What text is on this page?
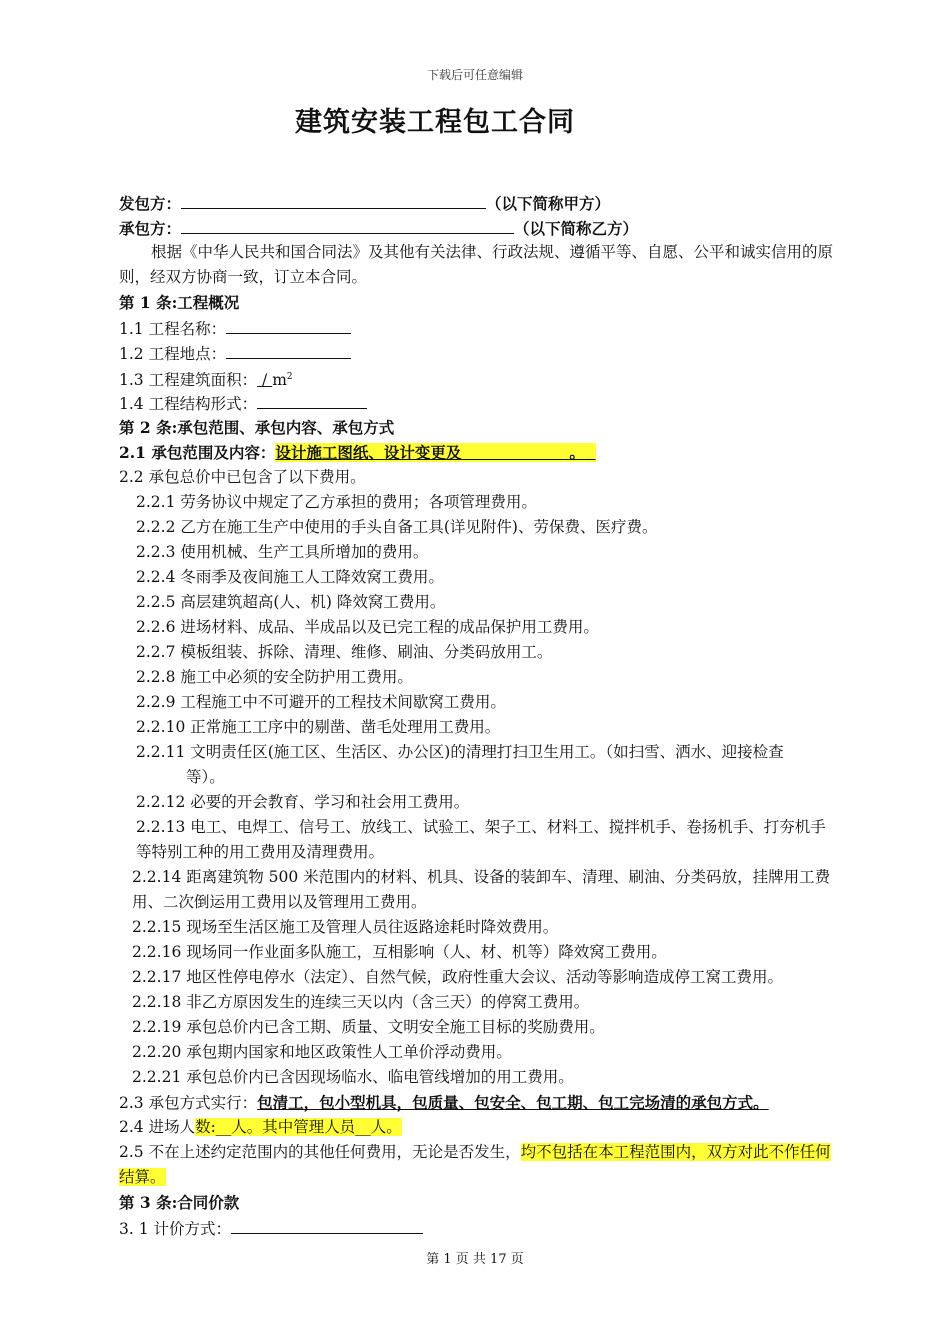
下载后可任意编辑
建筑安装工程包工合同
发包方：	（以下简称甲方）
承包方：	（以下简称乙方）
根据《中华人民共和国合同法》及其他有关法律、行政法规、遵循平等、自愿、公平和诚实信用的原则，经双方协商一致，订立本合同。
第 1 条:工程概况
1.1 工程名称：
1.2 工程地点：
1.3 工程建筑面积： / $m^2$
1.4 工程结构形式：
第 2 条:承包范围、承包内容、承包方式
2.1 承包范围及内容：设计施工图纸、设计变更及	。
2.2 承包总价中已包含了以下费用。
2.2.1 劳务协议中规定了乙方承担的费用；各项管理费用。
2.2.2 乙方在施工生产中使用的手头自备工具(详见附件)、劳保费、医疗费。
2.2.3 使用机械、生产工具所增加的费用。
2.2.4 冬雨季及夜间施工人工降效窝工费用。
2.2.5 高层建筑超高(人、机) 降效窝工费用。
2.2.6 进场材料、成品、半成品以及已完工程的成品保护用工费用。
2.2.7 模板组装、拆除、清理、维修、刷油、分类码放用工。
2.2.8 施工中必须的安全防护用工费用。
2.2.9 工程施工中不可避开的工程技术间歇窝工费用。
2.2.10 正常施工工序中的剔凿、凿毛处理用工费用。
2.2.11 文明责任区(施工区、生活区、办公区)的清理打扫卫生用工。（如扫雪、洒水、迎接检查
等）。
2.2.12 必要的开会教育、学习和社会用工费用。
2.2.13 电工、电焊工、信号工、放线工、试验工、架子工、材料工、搅拌机手、卷扬机手、打夯机手等特别工种的用工费用及清理费用。
2.2.14 距离建筑物 500 米范围内的材料、机具、设备的装卸车、清理、刷油、分类码放，挂牌用工费用、二次倒运用工费用以及管理用工费用。
2.2.15 现场至生活区施工及管理人员往返路途耗时降效费用。
2.2.16 现场同一作业面多队施工，互相影响（人、材、机等）降效窝工费用。
2.2.17 地区性停电停水（法定）、自然气候，政府性重大会议、活动等影响造成停工窝工费用。
2.2.18 非乙方原因发生的连续三天以内（含三天）的停窝工费用。
2.2.19 承包总价内已含工期、质量、文明安全施工目标的奖励费用。
2.2.20 承包期内国家和地区政策性人工单价浮动费用。
2.2.21 承包总价内已含因现场临水、临电管线增加的用工费用。
2.3 承包方式实行：包清工，包小型机具，包质量、包安全、包工期、包工完场清的承包方式。
2.4 进场人数:__人。其中管理人员__人。
2.5 不在上述约定范围内的其他任何费用，无论是否发生，均不包括在本工程范围内，双方对此不作任何结算。
第 3 条:合同价款
3. 1 计价方式：
第 1 页 共 17 页
